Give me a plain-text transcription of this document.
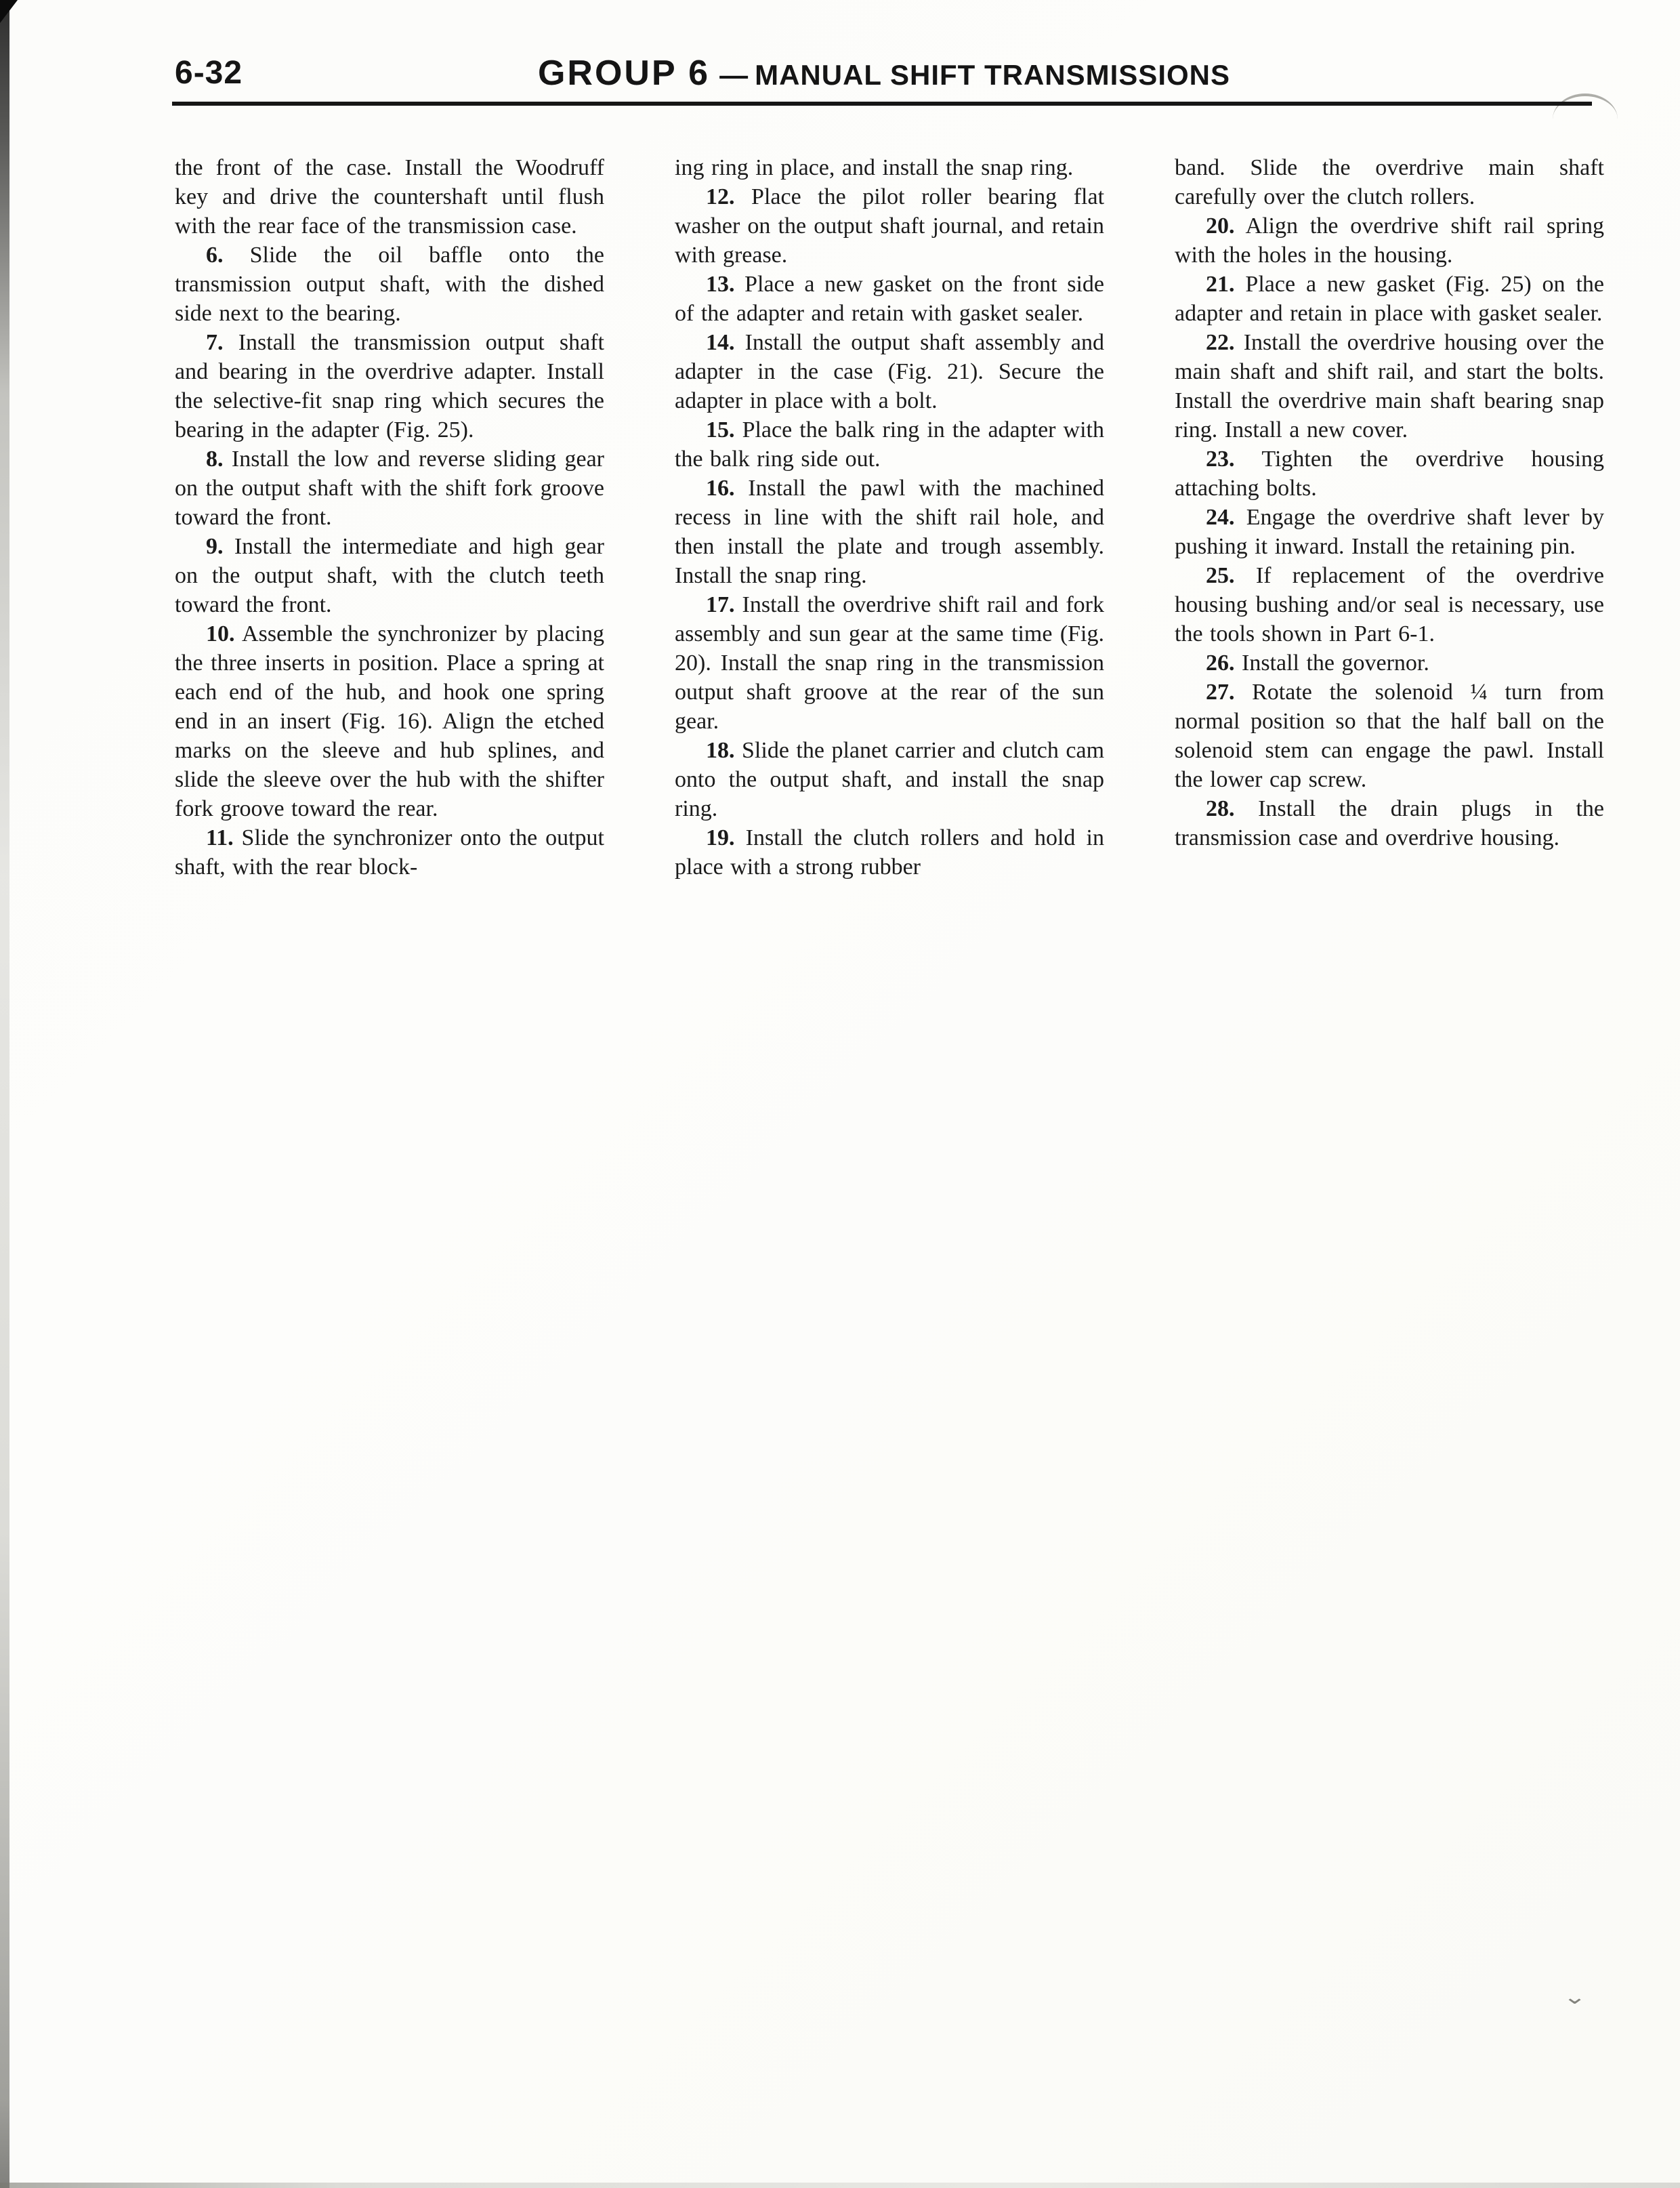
⌄
6-32	GROUP 6 — MANUAL SHIFT TRANSMISSIONS

the front of the case. Install the Woodruff key and drive the countershaft until flush with the rear face of the transmission case.

6. Slide the oil baffle onto the transmission output shaft, with the dished side next to the bearing.

7. Install the transmission output shaft and bearing in the overdrive adapter. Install the selective-fit snap ring which secures the bearing in the adapter (Fig. 25).

8. Install the low and reverse sliding gear on the output shaft with the shift fork groove toward the front.

9. Install the intermediate and high gear on the output shaft, with the clutch teeth toward the front.

10. Assemble the synchronizer by placing the three inserts in position. Place a spring at each end of the hub, and hook one spring end in an insert (Fig. 16). Align the etched marks on the sleeve and hub splines, and slide the sleeve over the hub with the shifter fork groove toward the rear.

11. Slide the synchronizer onto the output shaft, with the rear block-

ing ring in place, and install the snap ring.

12. Place the pilot roller bearing flat washer on the output shaft journal, and retain with grease.

13. Place a new gasket on the front side of the adapter and retain with gasket sealer.

14. Install the output shaft assembly and adapter in the case (Fig. 21). Secure the adapter in place with a bolt.

15. Place the balk ring in the adapter with the balk ring side out.

16. Install the pawl with the machined recess in line with the shift rail hole, and then install the plate and trough assembly. Install the snap ring.

17. Install the overdrive shift rail and fork assembly and sun gear at the same time (Fig. 20). Install the snap ring in the transmission output shaft groove at the rear of the sun gear.

18. Slide the planet carrier and clutch cam onto the output shaft, and install the snap ring.

19. Install the clutch rollers and hold in place with a strong rubber

band. Slide the overdrive main shaft carefully over the clutch rollers.

20. Align the overdrive shift rail spring with the holes in the housing.

21. Place a new gasket (Fig. 25) on the adapter and retain in place with gasket sealer.

22. Install the overdrive housing over the main shaft and shift rail, and start the bolts. Install the overdrive main shaft bearing snap ring. Install a new cover.

23. Tighten the overdrive housing attaching bolts.

24. Engage the overdrive shaft lever by pushing it inward. Install the retaining pin.

25. If replacement of the overdrive housing bushing and/or seal is necessary, use the tools shown in Part 6-1.

26. Install the governor.

27. Rotate the solenoid ¼ turn from normal position so that the half ball on the solenoid stem can engage the pawl. Install the lower cap screw.

28. Install the drain plugs in the transmission case and overdrive housing.
